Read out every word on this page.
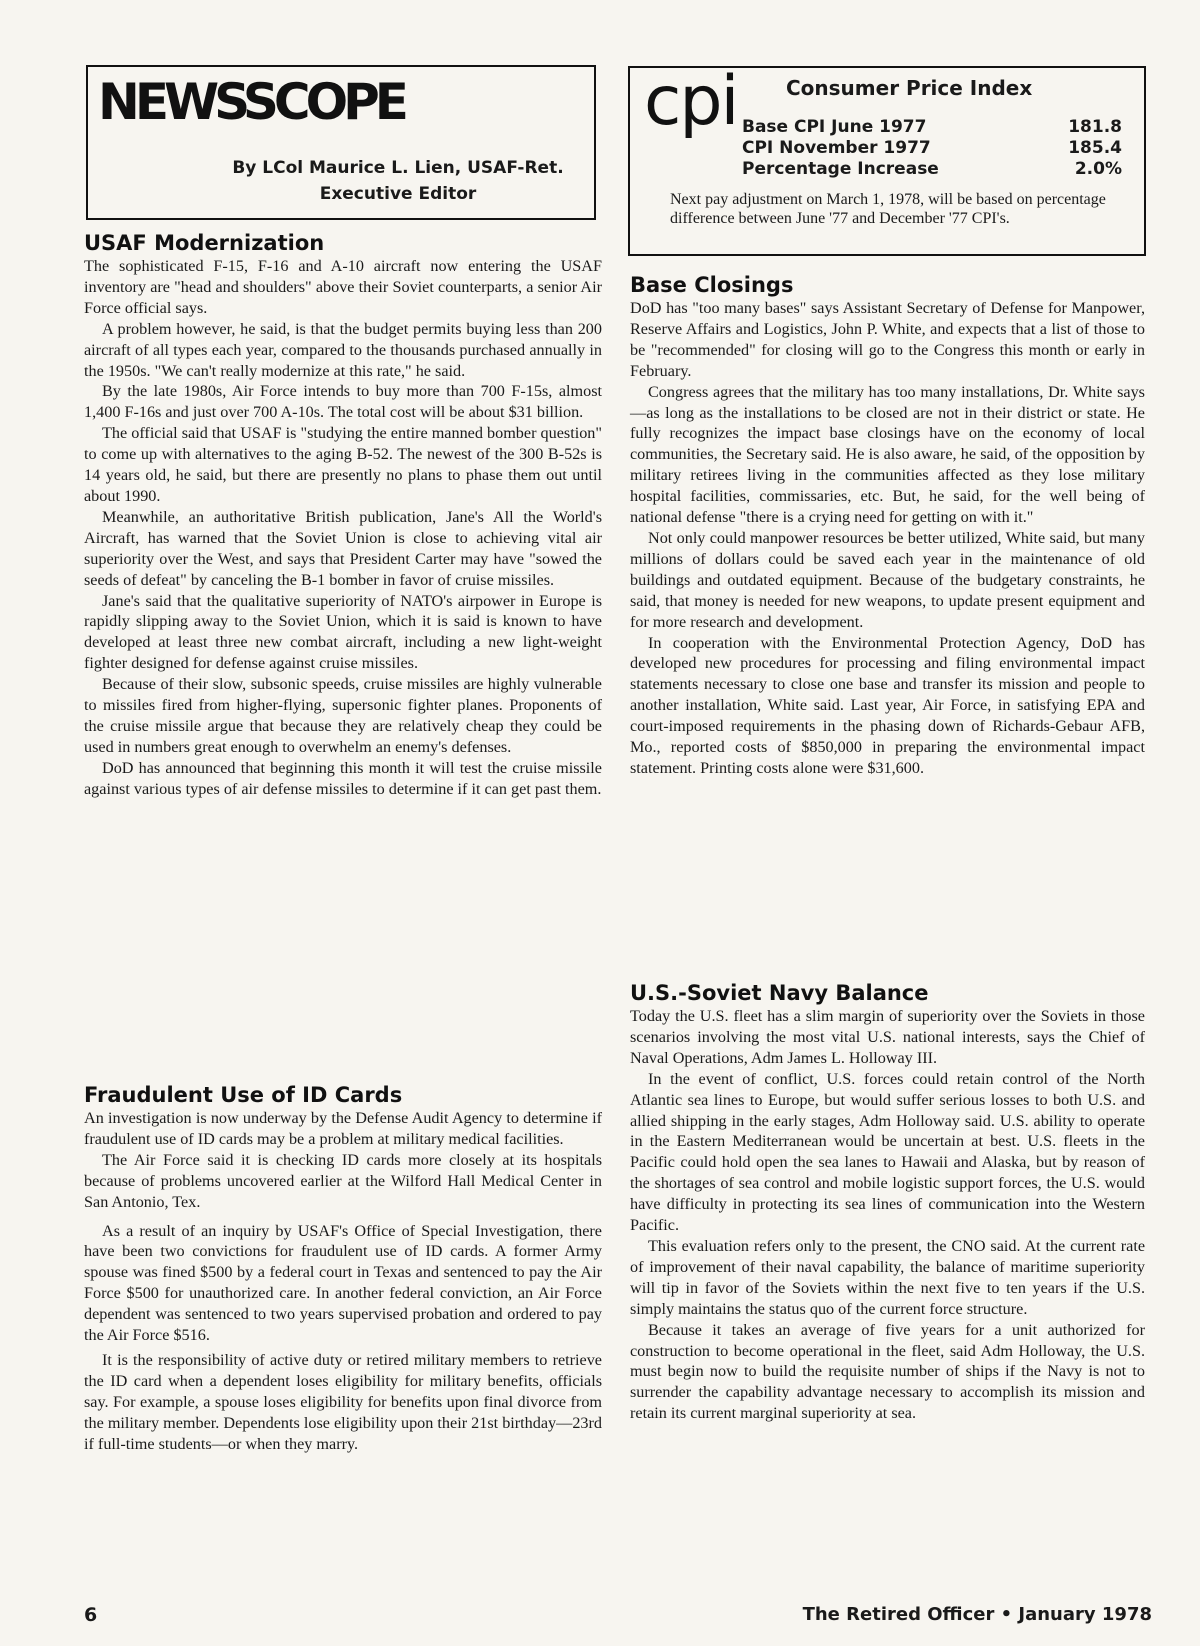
NEWSSCOPE
By LCol Maurice L. Lien, USAF-Ret.
Executive Editor
cpi Consumer Price Index
Base CPI June 1977	181.8
CPI November 1977	185.4
Percentage Increase	2.0%
Next pay adjustment on March 1, 1978, will be based on percentage difference between June '77 and December '77 CPI's.
USAF Modernization

The sophisticated F-15, F-16 and A-10 aircraft now entering the USAF inventory are "head and shoulders" above their Soviet counterparts, a senior Air Force official says.

A problem however, he said, is that the budget permits buying less than 200 aircraft of all types each year, compared to the thousands purchased annually in the 1950s. "We can't really modernize at this rate," he said.

By the late 1980s, Air Force intends to buy more than 700 F-15s, almost 1,400 F-16s and just over 700 A-10s. The total cost will be about $31 billion.

The official said that USAF is "studying the entire manned bomber question" to come up with alternatives to the aging B-52. The newest of the 300 B-52s is 14 years old, he said, but there are presently no plans to phase them out until about 1990.

Meanwhile, an authoritative British publication, Jane's All the World's Aircraft, has warned that the Soviet Union is close to achieving vital air superiority over the West, and says that President Carter may have "sowed the seeds of defeat" by canceling the B-1 bomber in favor of cruise missiles.

Jane's said that the qualitative superiority of NATO's airpower in Europe is rapidly slipping away to the Soviet Union, which it is said is known to have developed at least three new combat aircraft, including a new light-weight fighter designed for defense against cruise missiles.

Because of their slow, subsonic speeds, cruise missiles are highly vulnerable to missiles fired from higher-flying, supersonic fighter planes. Proponents of the cruise missile argue that because they are relatively cheap they could be used in numbers great enough to overwhelm an enemy's defenses.

DoD has announced that beginning this month it will test the cruise missile against various types of air defense missiles to determine if it can get past them.

Fraudulent Use of ID Cards

An investigation is now underway by the Defense Audit Agency to determine if fraudulent use of ID cards may be a problem at military medical facilities.

The Air Force said it is checking ID cards more closely at its hospitals because of problems uncovered earlier at the Wilford Hall Medical Center in San Antonio, Tex.

As a result of an inquiry by USAF's Office of Special Investigation, there have been two convictions for fraudulent use of ID cards. A former Army spouse was fined $500 by a federal court in Texas and sentenced to pay the Air Force $500 for unauthorized care. In another federal conviction, an Air Force dependent was sentenced to two years supervised probation and ordered to pay the Air Force $516.

It is the responsibility of active duty or retired military members to retrieve the ID card when a dependent loses eligibility for military benefits, officials say. For example, a spouse loses eligibility for benefits upon final divorce from the military member. Dependents lose eligibility upon their 21st birthday—23rd if full-time students—or when they marry.

Base Closings

DoD has "too many bases" says Assistant Secretary of Defense for Manpower, Reserve Affairs and Logistics, John P. White, and expects that a list of those to be "recommended" for closing will go to the Congress this month or early in February.

Congress agrees that the military has too many installations, Dr. White says—as long as the installations to be closed are not in their district or state. He fully recognizes the impact base closings have on the economy of local communities, the Secretary said. He is also aware, he said, of the opposition by military retirees living in the communities affected as they lose military hospital facilities, commissaries, etc. But, he said, for the well being of national defense "there is a crying need for getting on with it."

Not only could manpower resources be better utilized, White said, but many millions of dollars could be saved each year in the maintenance of old buildings and outdated equipment. Because of the budgetary constraints, he said, that money is needed for new weapons, to update present equipment and for more research and development.

In cooperation with the Environmental Protection Agency, DoD has developed new procedures for processing and filing environmental impact statements necessary to close one base and transfer its mission and people to another installation, White said. Last year, Air Force, in satisfying EPA and court-imposed requirements in the phasing down of Richards-Gebaur AFB, Mo., reported costs of $850,000 in preparing the environmental impact statement. Printing costs alone were $31,600.

U.S.-Soviet Navy Balance

Today the U.S. fleet has a slim margin of superiority over the Soviets in those scenarios involving the most vital U.S. national interests, says the Chief of Naval Operations, Adm James L. Holloway III.

In the event of conflict, U.S. forces could retain control of the North Atlantic sea lines to Europe, but would suffer serious losses to both U.S. and allied shipping in the early stages, Adm Holloway said. U.S. ability to operate in the Eastern Mediterranean would be uncertain at best. U.S. fleets in the Pacific could hold open the sea lanes to Hawaii and Alaska, but by reason of the shortages of sea control and mobile logistic support forces, the U.S. would have difficulty in protecting its sea lines of communication into the Western Pacific.

This evaluation refers only to the present, the CNO said. At the current rate of improvement of their naval capability, the balance of maritime superiority will tip in favor of the Soviets within the next five to ten years if the U.S. simply maintains the status quo of the current force structure.

Because it takes an average of five years for a unit authorized for construction to become operational in the fleet, said Adm Holloway, the U.S. must begin now to build the requisite number of ships if the Navy is not to surrender the capability advantage necessary to accomplish its mission and retain its current marginal superiority at sea.

6	The Retired Officer • January 1978
